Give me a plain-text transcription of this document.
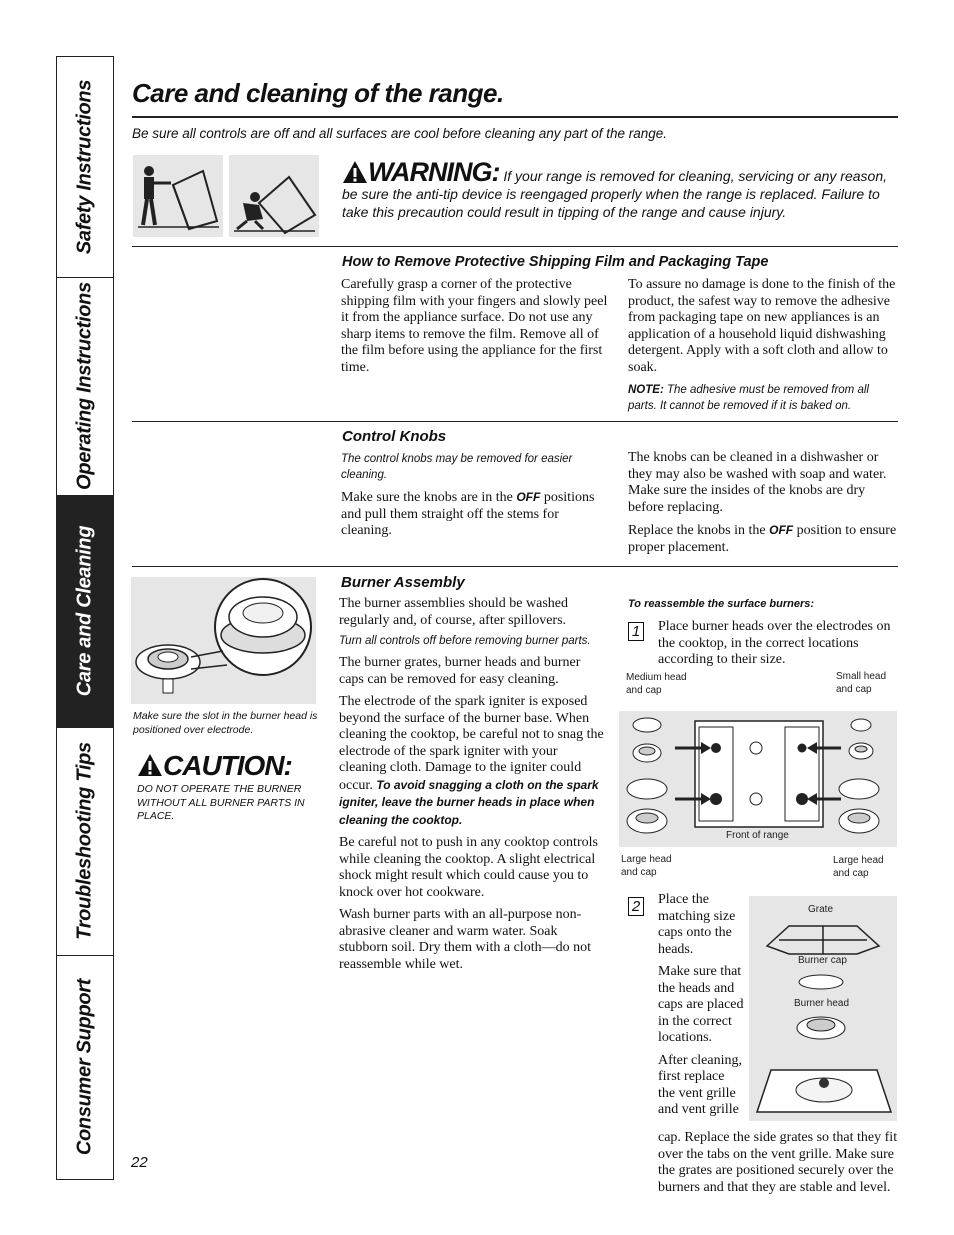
Safety Instructions
Operating Instructions
Care and Cleaning
Troubleshooting Tips
Consumer Support
Care and cleaning of the range.
Be sure all controls are off and all surfaces are cool before cleaning any part of the range.
WARNING: If your range is removed for cleaning, servicing or any reason, be sure the anti-tip device is reengaged properly when the range is replaced. Failure to take this precaution could result in tipping of the range and cause injury.
How to Remove Protective Shipping Film and Packaging Tape

Carefully grasp a corner of the protective shipping film with your fingers and slowly peel it from the appliance surface. Do not use any sharp items to remove the film. Remove all of the film before using the appliance for the first time.

To assure no damage is done to the finish of the product, the safest way to remove the adhesive from packaging tape on new appliances is an application of a household liquid dishwashing detergent. Apply with a soft cloth and allow to soak.

NOTE: The adhesive must be removed from all parts. It cannot be removed if it is baked on.

Control Knobs

The control knobs may be removed for easier cleaning.

Make sure the knobs are in the OFF positions and pull them straight off the stems for cleaning.

The knobs can be cleaned in a dishwasher or they may also be washed with soap and water. Make sure the insides of the knobs are dry before replacing.

Replace the knobs in the OFF position to ensure proper placement.

Make sure the slot in the burner head is positioned over electrode.
CAUTION:
DO NOT OPERATE THE BURNER WITHOUT ALL BURNER PARTS IN PLACE.
Burner Assembly

The burner assemblies should be washed regularly and, of course, after spillovers.

Turn all controls off before removing burner parts.

The burner grates, burner heads and burner caps can be removed for easy cleaning.

The electrode of the spark igniter is exposed beyond the surface of the burner base. When cleaning the cooktop, be careful not to snag the electrode of the spark igniter with your cleaning cloth. Damage to the igniter could occur. To avoid snagging a cloth on the spark igniter, leave the burner heads in place when cleaning the cooktop.

Be careful not to push in any cooktop controls while cleaning the cooktop. A slight electrical shock might result which could cause you to knock over hot cookware.

Wash burner parts with an all-purpose non-abrasive cleaner and warm water. Soak stubborn soil. Dry them with a cloth—do not reassemble while wet.

To reassemble the surface burners:
1 Place burner heads over the electrodes on the cooktop, in the correct locations according to their size.
Medium head and cap
Small head and cap
Front of range
Large head and cap
Large head and cap
2 Place the matching size caps onto the heads.

Make sure that the heads and caps are placed in the correct locations.

After cleaning, first replace the vent grille and vent grille

cap. Replace the side grates so that they fit over the tabs on the vent grille. Make sure the grates are positioned securely over the burners and that they are stable and level.
Grate
Burner cap
Burner head
22
